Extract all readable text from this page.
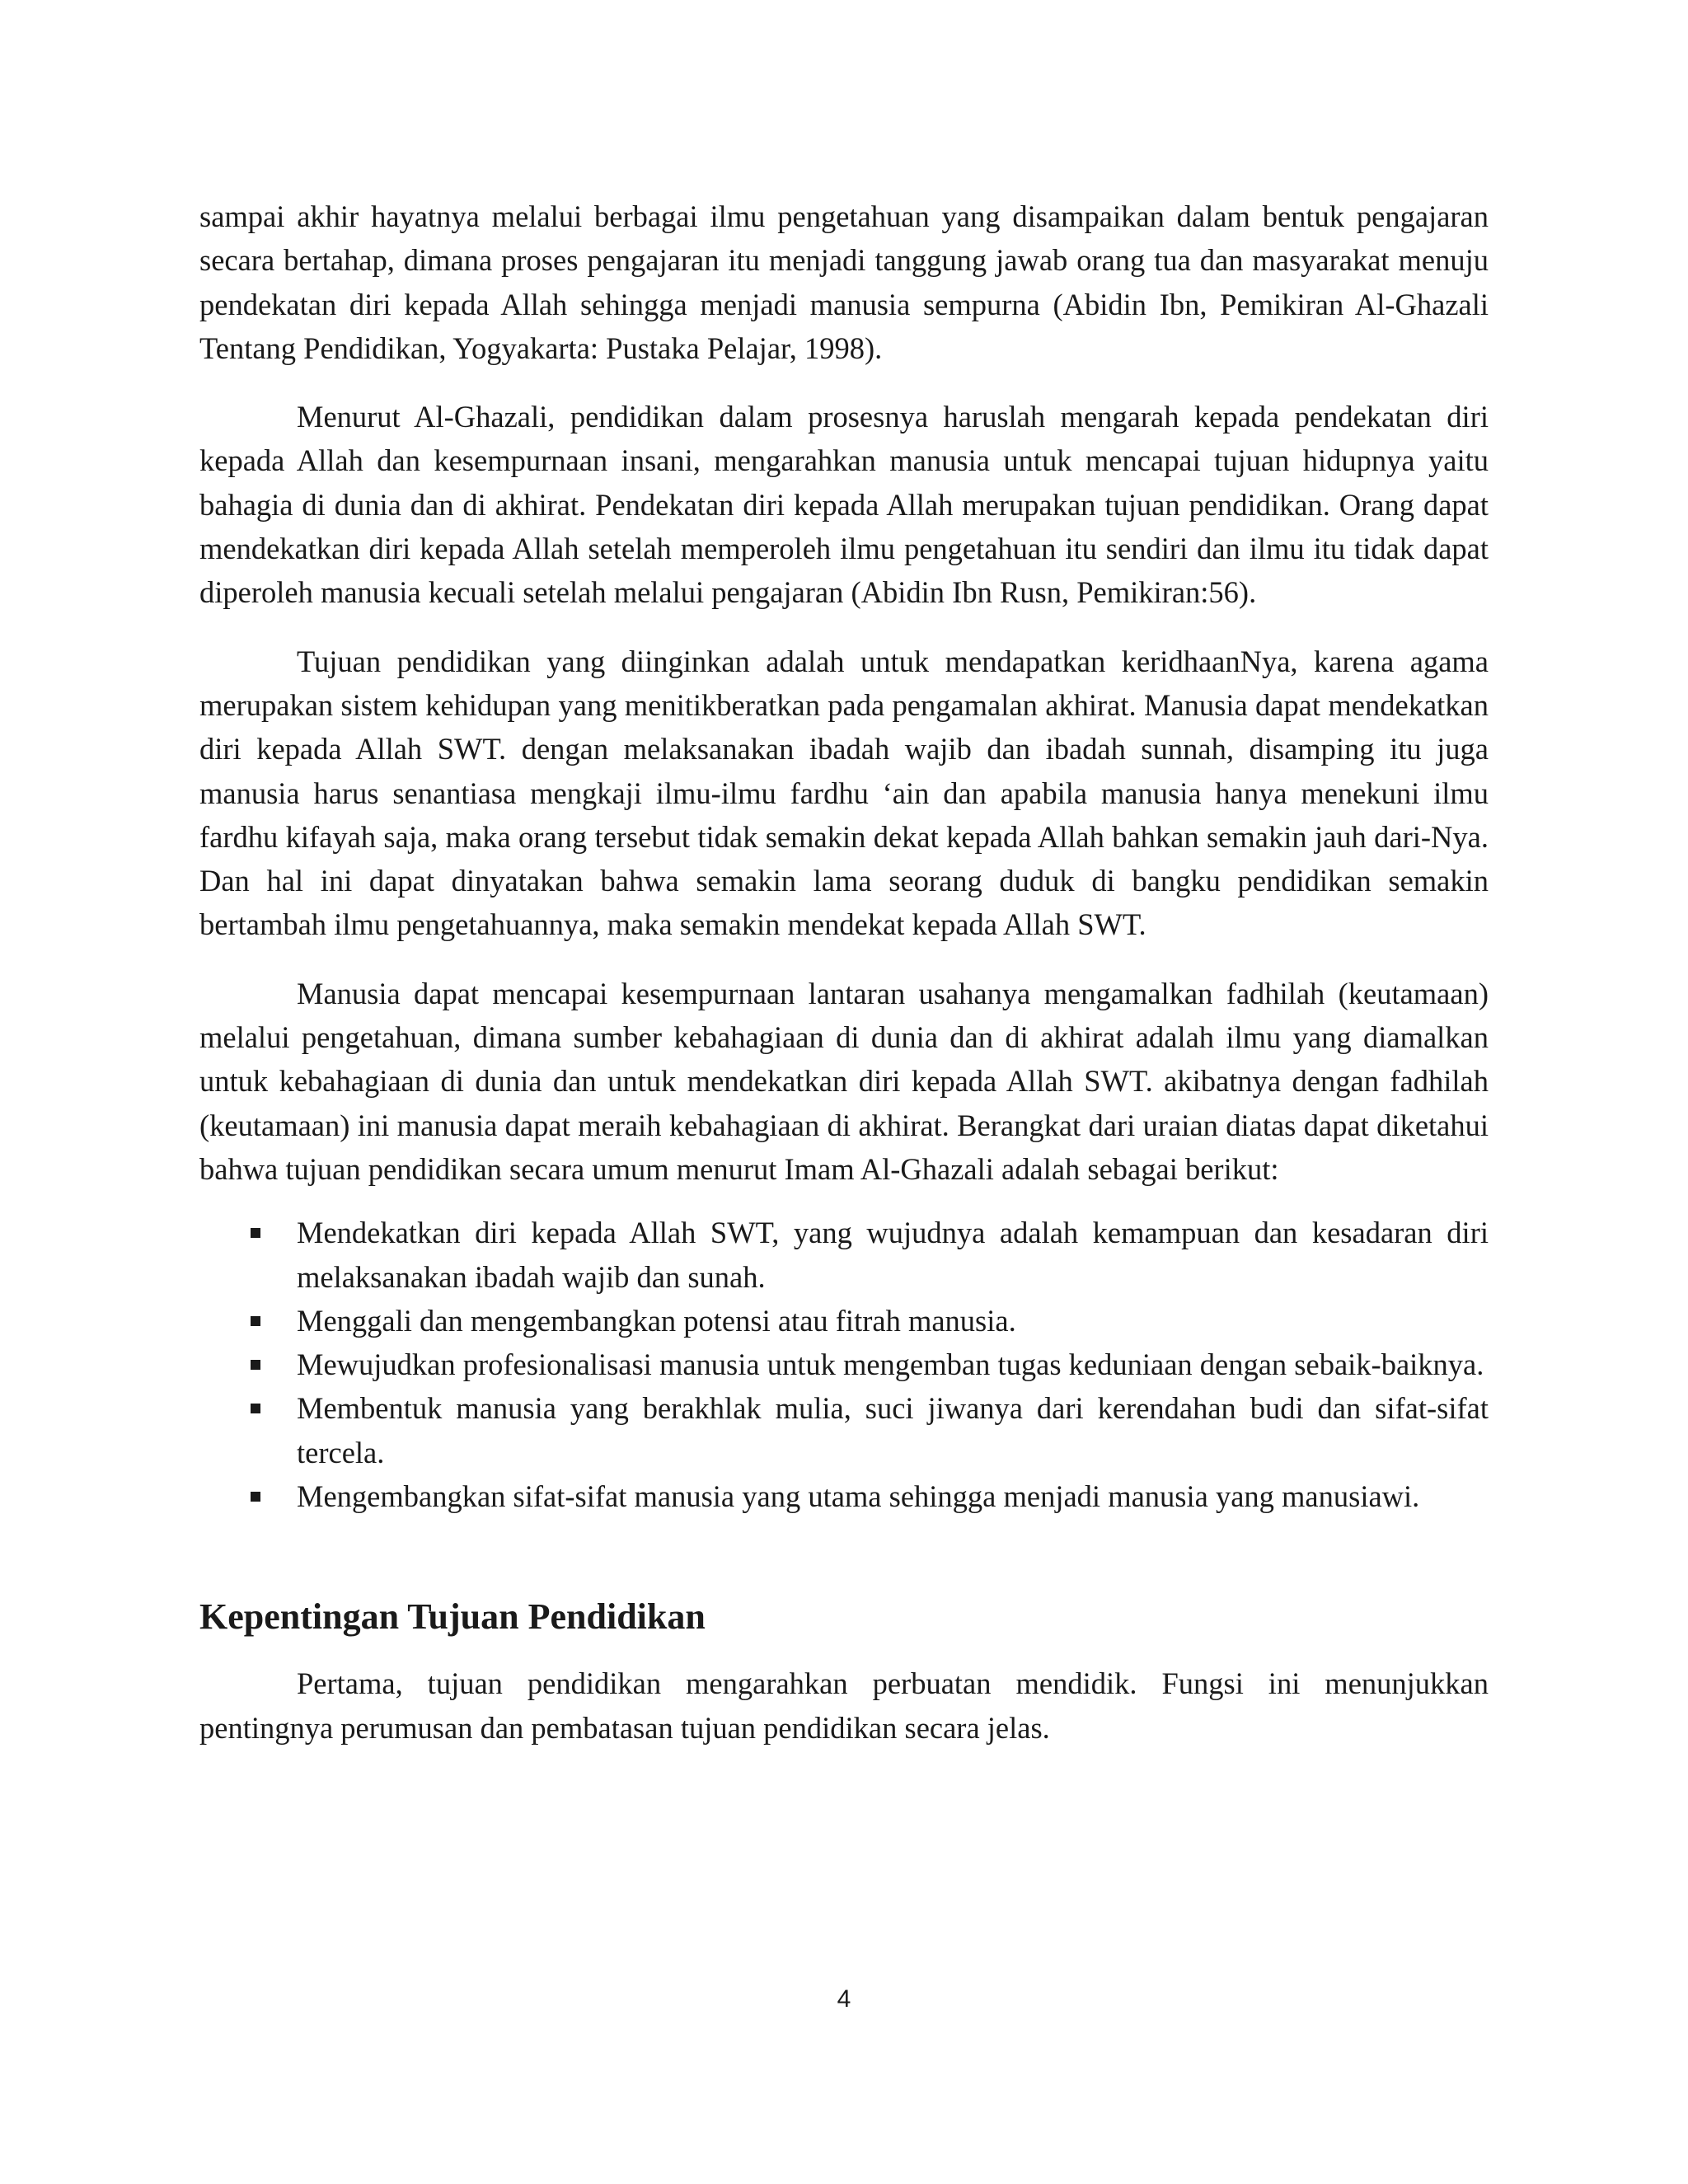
sampai akhir hayatnya melalui berbagai ilmu pengetahuan yang disampaikan dalam bentuk pengajaran secara bertahap, dimana proses pengajaran itu menjadi tanggung jawab orang tua dan masyarakat menuju pendekatan diri kepada Allah sehingga menjadi manusia sempurna (Abidin Ibn, Pemikiran Al-Ghazali Tentang Pendidikan, Yogyakarta: Pustaka Pelajar, 1998).

Menurut Al-Ghazali, pendidikan dalam prosesnya haruslah mengarah kepada pendekatan diri kepada Allah dan kesempurnaan insani, mengarahkan manusia untuk mencapai tujuan hidupnya yaitu bahagia di dunia dan di akhirat. Pendekatan diri kepada Allah merupakan tujuan pendidikan. Orang dapat mendekatkan diri kepada Allah setelah memperoleh ilmu pengetahuan itu sendiri dan ilmu itu tidak dapat diperoleh manusia kecuali setelah melalui pengajaran (Abidin Ibn Rusn, Pemikiran:56).

Tujuan pendidikan yang diinginkan adalah untuk mendapatkan keridhaanNya, karena agama merupakan sistem kehidupan yang menitikberatkan pada pengamalan akhirat. Manusia dapat mendekatkan diri kepada Allah SWT. dengan melaksanakan ibadah wajib dan ibadah sunnah, disamping itu juga manusia harus senantiasa mengkaji ilmu-ilmu fardhu ‘ain dan apabila manusia hanya menekuni ilmu fardhu kifayah saja, maka orang tersebut tidak semakin dekat kepada Allah bahkan semakin jauh dari-Nya. Dan hal ini dapat dinyatakan bahwa semakin lama seorang duduk di bangku pendidikan semakin bertambah ilmu pengetahuannya, maka semakin mendekat kepada Allah SWT.

Manusia dapat mencapai kesempurnaan lantaran usahanya mengamalkan fadhilah (keutamaan) melalui pengetahuan, dimana sumber kebahagiaan di dunia dan di akhirat adalah ilmu yang diamalkan untuk kebahagiaan di dunia dan untuk mendekatkan diri kepada Allah SWT. akibatnya dengan fadhilah (keutamaan) ini manusia dapat meraih kebahagiaan di akhirat. Berangkat dari uraian diatas dapat diketahui bahwa tujuan pendidikan secara umum menurut Imam Al-Ghazali adalah sebagai berikut:

Mendekatkan diri kepada Allah SWT, yang wujudnya adalah kemampuan dan kesadaran diri melaksanakan ibadah wajib dan sunah.
Menggali dan mengembangkan potensi atau fitrah manusia.
Mewujudkan profesionalisasi manusia untuk mengemban tugas keduniaan dengan sebaik-baiknya.
Membentuk manusia yang berakhlak mulia, suci jiwanya dari kerendahan budi dan sifat-sifat tercela.
Mengembangkan sifat-sifat manusia yang utama sehingga menjadi manusia yang manusiawi.
Kepentingan Tujuan Pendidikan

Pertama, tujuan pendidikan mengarahkan perbuatan mendidik. Fungsi ini menunjukkan pentingnya perumusan dan pembatasan tujuan pendidikan secara jelas.

4
